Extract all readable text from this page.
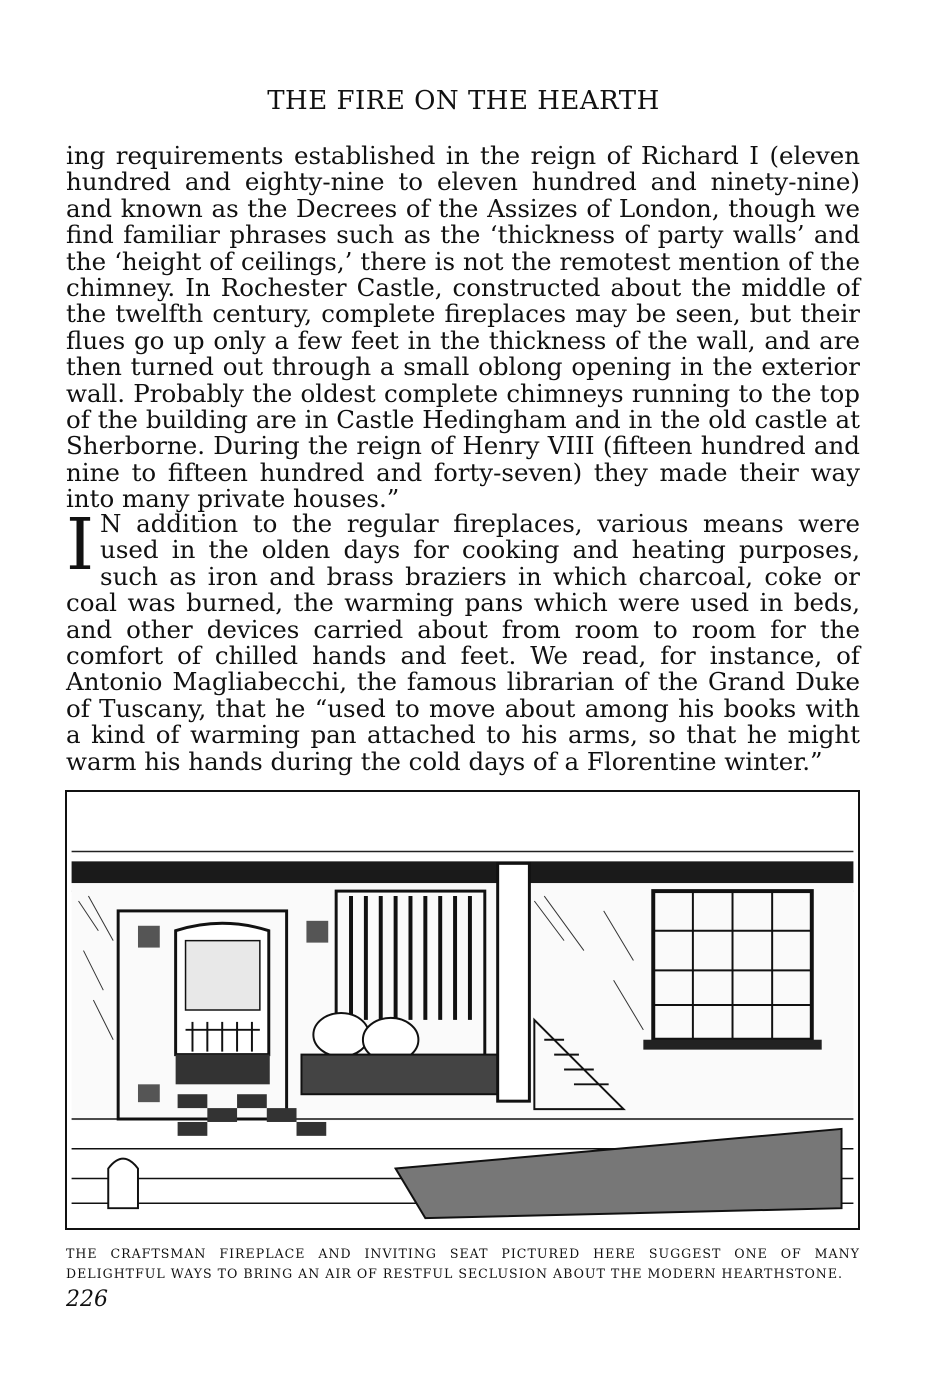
THE FIRE ON THE HEARTH
ing requirements established in the reign of Richard I (eleven hundred and eighty-nine to eleven hundred and ninety-nine) and known as the Decrees of the Assizes of London, though we find familiar phrases such as the ‘thickness of party walls’ and the ‘height of ceilings,’ there is not the remotest mention of the chimney. In Rochester Castle, constructed about the middle of the twelfth century, complete fireplaces may be seen, but their flues go up only a few feet in the thickness of the wall, and are then turned out through a small oblong opening in the exterior wall. Probably the oldest complete chimneys running to the top of the building are in Castle Hedingham and in the old castle at Sherborne. During the reign of Henry VIII (fifteen hundred and nine to fifteen hundred and forty-seven) they made their way into many private houses.”
I N addition to the regular fireplaces, various means were used in the olden days for cooking and heating purposes, such as iron and brass braziers in which charcoal, coke or coal was burned, the warming pans which were used in beds, and other devices carried about from room to room for the comfort of chilled hands and feet. We read, for instance, of Antonio Magliabecchi, the famous librarian of the Grand Duke of Tuscany, that he “used to move about among his books with a kind of warming pan attached to his arms, so that he might warm his hands during the cold days of a Florentine winter.”
THE CRAFTSMAN FIREPLACE AND INVITING SEAT PICTURED HERE SUGGEST ONE OF MANY DELIGHTFUL WAYS TO BRING AN AIR OF RESTFUL SECLUSION ABOUT THE MODERN HEARTHSTONE.
226
